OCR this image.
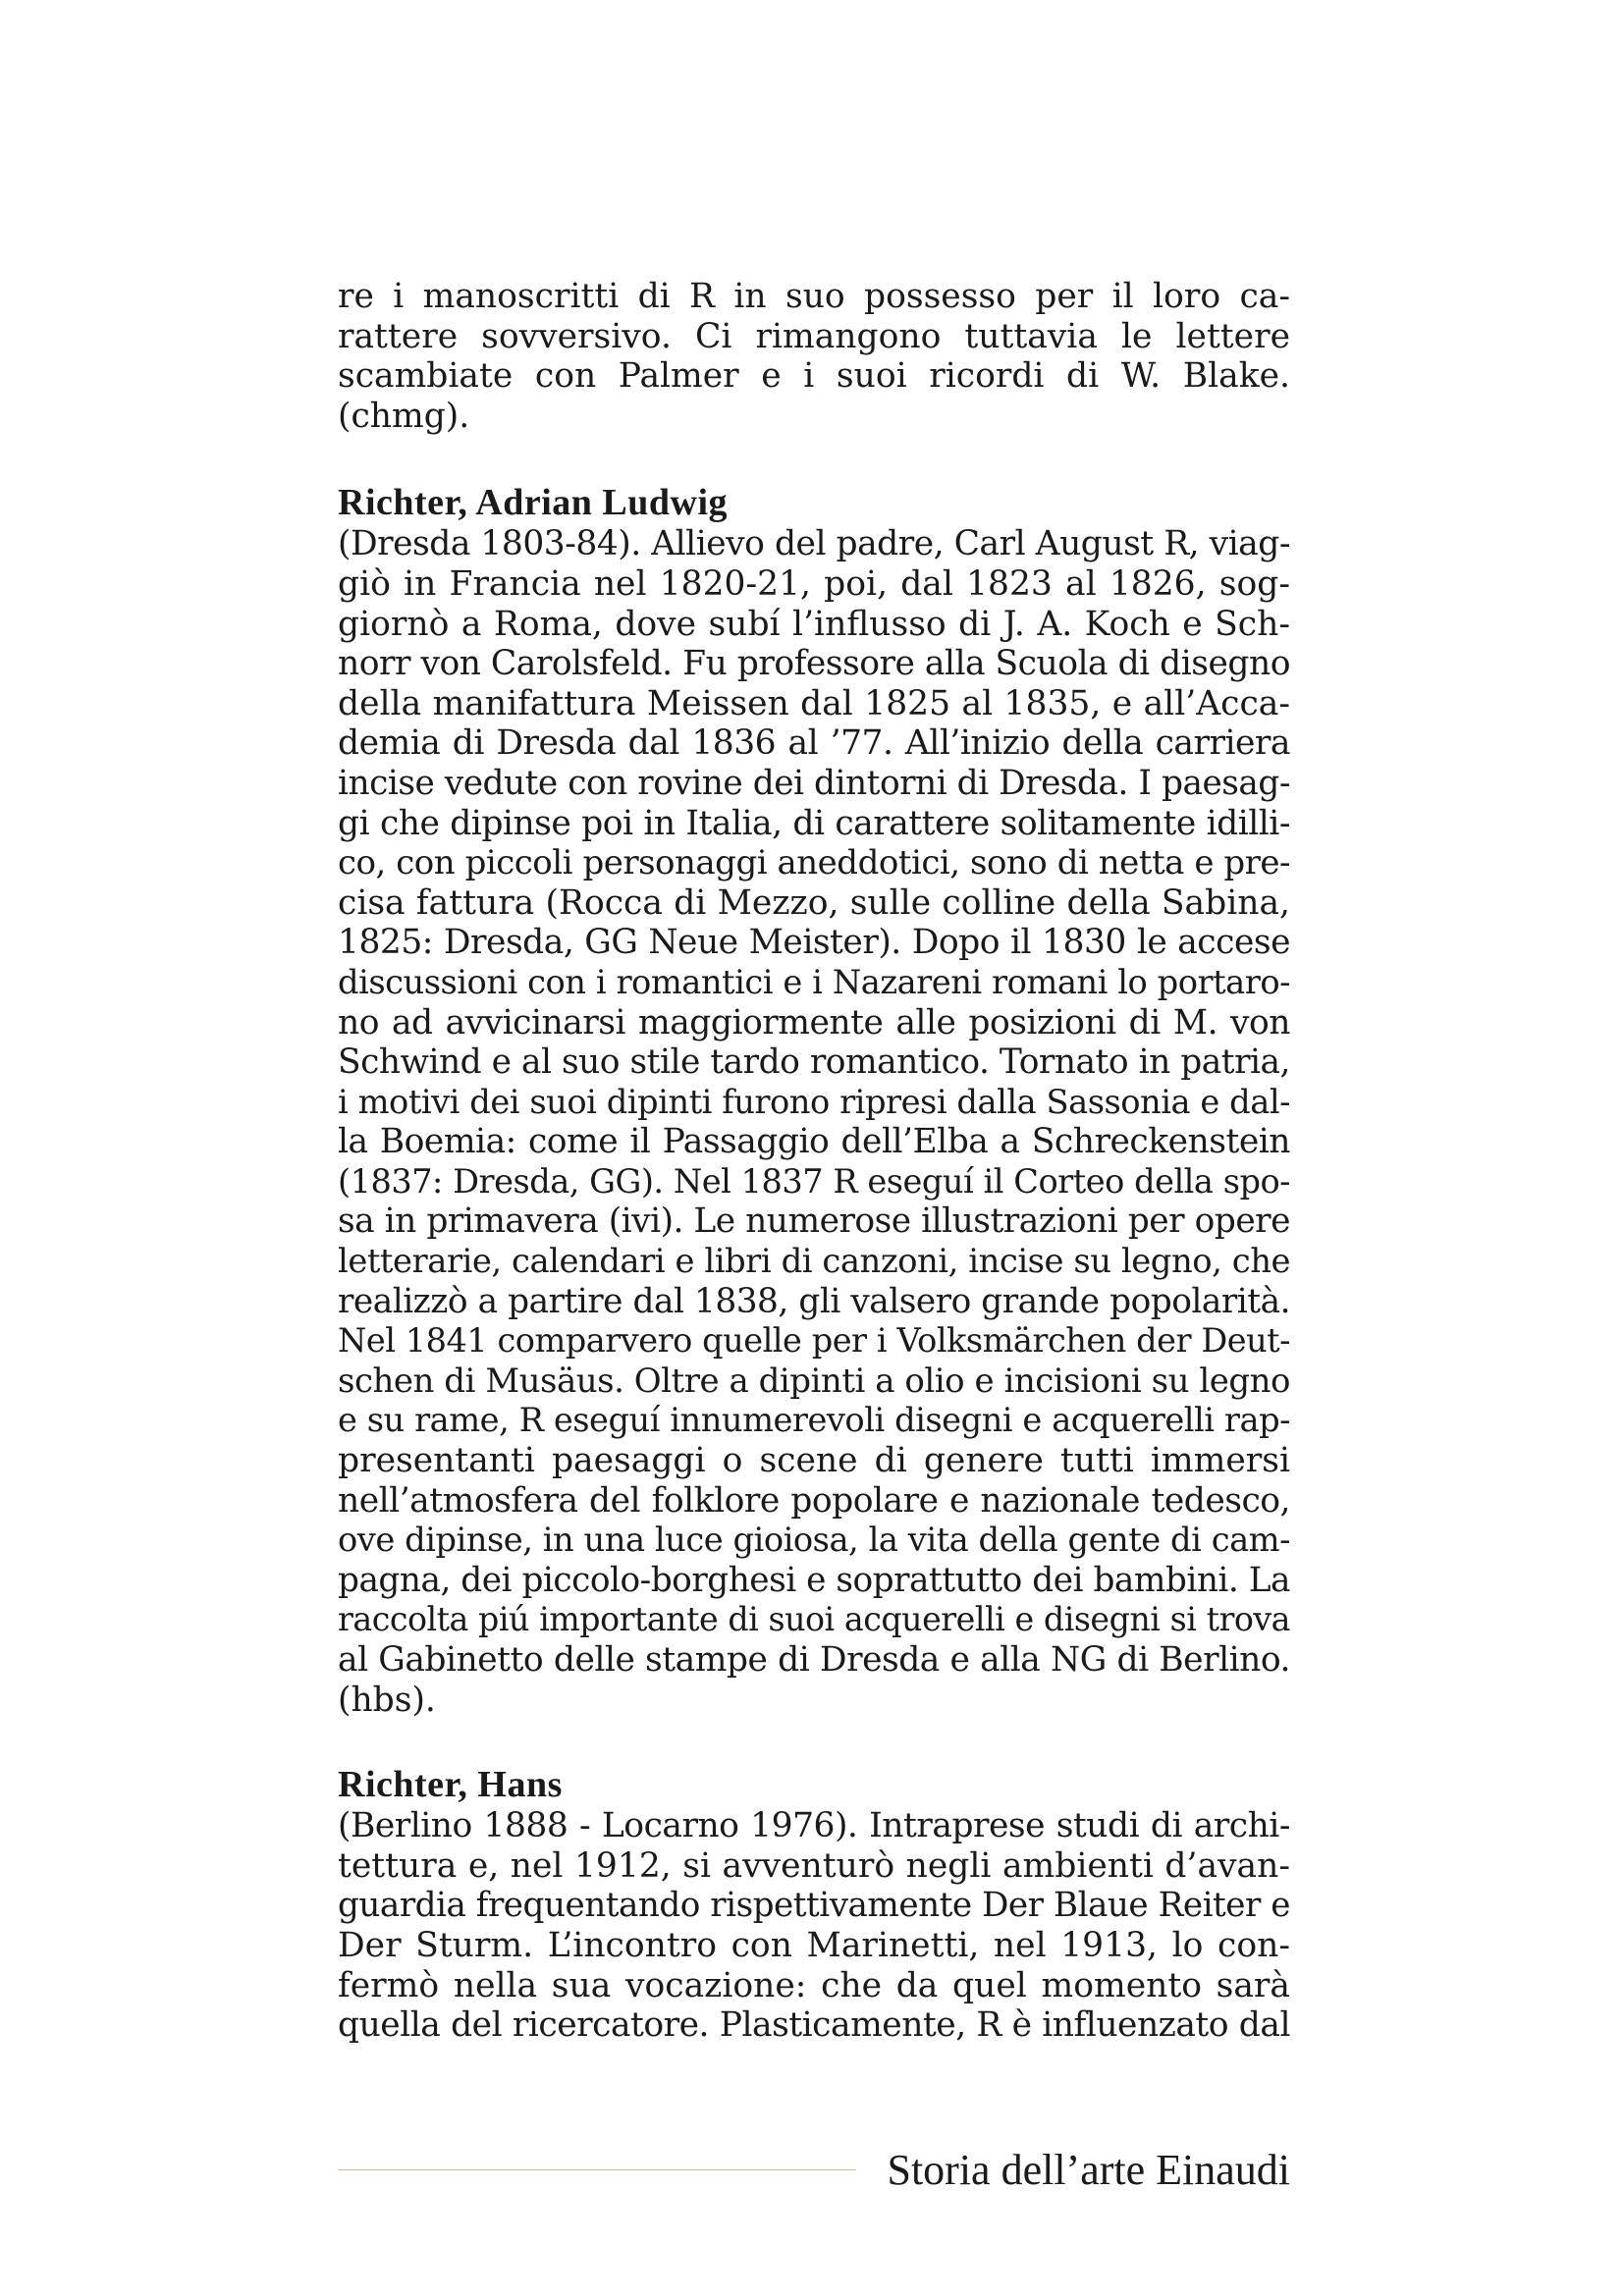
re i manoscritti di R in suo possesso per il loro ca-
rattere sovversivo. Ci rimangono tuttavia le lettere
scambiate con Palmer e i suoi ricordi di W. Blake.
(chmg).
Richter, Adrian Ludwig
(Dresda 1803-84). Allievo del padre, Carl August R, viag-
giò in Francia nel 1820-21, poi, dal 1823 al 1826, sog-
giornò a Roma, dove subí l’influsso di J. A. Koch e Sch-
norr von Carolsfeld. Fu professore alla Scuola di disegno
della manifattura Meissen dal 1825 al 1835, e all’Acca-
demia di Dresda dal 1836 al ’77. All’inizio della carriera
incise vedute con rovine dei dintorni di Dresda. I paesag-
gi che dipinse poi in Italia, di carattere solitamente idilli-
co, con piccoli personaggi aneddotici, sono di netta e pre-
cisa fattura (Rocca di Mezzo, sulle colline della Sabina,
1825: Dresda, GG Neue Meister). Dopo il 1830 le accese
discussioni con i romantici e i Nazareni romani lo portaro-
no ad avvicinarsi maggiormente alle posizioni di M. von
Schwind e al suo stile tardo romantico. Tornato in patria,
i motivi dei suoi dipinti furono ripresi dalla Sassonia e dal-
la Boemia: come il Passaggio dell’Elba a Schreckenstein
(1837: Dresda, GG). Nel 1837 R eseguí il Corteo della spo-
sa in primavera (ivi). Le numerose illustrazioni per opere
letterarie, calendari e libri di canzoni, incise su legno, che
realizzò a partire dal 1838, gli valsero grande popolarità.
Nel 1841 comparvero quelle per i Volksmärchen der Deut-
schen di Musäus. Oltre a dipinti a olio e incisioni su legno
e su rame, R eseguí innumerevoli disegni e acquerelli rap-
presentanti paesaggi o scene di genere tutti immersi
nell’atmosfera del folklore popolare e nazionale tedesco,
ove dipinse, in una luce gioiosa, la vita della gente di cam-
pagna, dei piccolo-borghesi e soprattutto dei bambini. La
raccolta piú importante di suoi acquerelli e disegni si trova
al Gabinetto delle stampe di Dresda e alla NG di Berlino.
(hbs).
Richter, Hans
(Berlino 1888 - Locarno 1976). Intraprese studi di archi-
tettura e, nel 1912, si avventurò negli ambienti d’avan-
guardia frequentando rispettivamente Der Blaue Reiter e
Der Sturm. L’incontro con Marinetti, nel 1913, lo con-
fermò nella sua vocazione: che da quel momento sarà
quella del ricercatore. Plasticamente, R è influenzato dal
Storia dell’arte Einaudi
